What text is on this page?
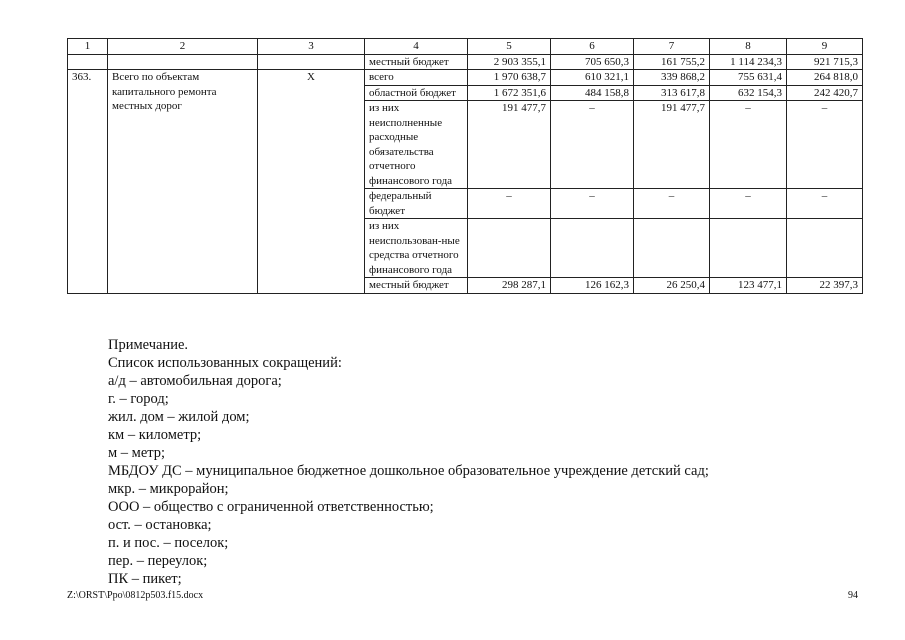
1	2	3	4	5	6	7	8	9
			местный бюджет	2 903 355,1	705 650,3	161 755,2	1 114 234,3	921 715,3
363.	Всего по объектам капитального ремонта местных дорог	Х	всего	1 970 638,7	610 321,1	339 868,2	755 631,4	264 818,0
			областной бюджет	1 672 351,6	484 158,8	313 617,8	632 154,3	242 420,7
			из них неисполненные расходные обязательства отчетного финансового года	191 477,7	–	191 477,7	–	–
			федеральный бюджет	–	–	–	–	–
			из них неиспользован-ные средства отчетного финансового года					
			местный бюджет	298 287,1	126 162,3	26 250,4	123 477,1	22 397,3
Примечание.
Список использованных сокращений:
а/д – автомобильная дорога;
г. – город;
жил. дом – жилой дом;
км – километр;
м – метр;
МБДОУ ДС – муниципальное бюджетное дошкольное образовательное учреждение детский сад;
мкр. – микрорайон;
ООО – общество с ограниченной ответственностью;
ост. – остановка;
п. и пос. – поселок;
пер. – переулок;
ПК – пикет;
Z:\ORST\Ppo\0812p503.f15.docx	94
